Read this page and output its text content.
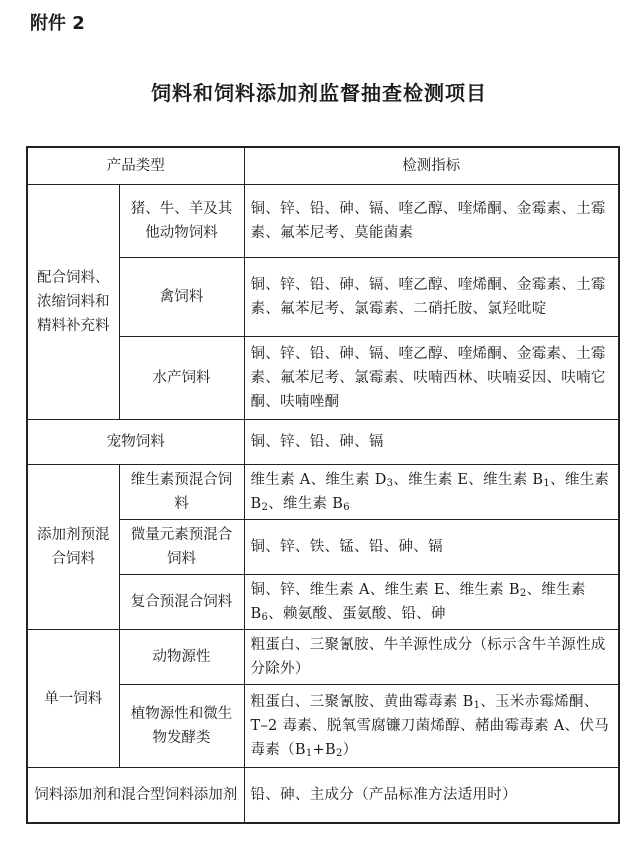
附件 2
饲料和饲料添加剂监督抽查检测项目
产品类型		检测指标
配合饲料、浓缩饲料和精料补充料	猪、牛、羊及其他动物饲料	铜、锌、铅、砷、镉、喹乙醇、喹烯酮、金霉素、土霉素、氟苯尼考、莫能菌素
	禽饲料	铜、锌、铅、砷、镉、喹乙醇、喹烯酮、金霉素、土霉素、氟苯尼考、氯霉素、二硝托胺、氯羟吡啶
	水产饲料	铜、锌、铅、砷、镉、喹乙醇、喹烯酮、金霉素、土霉素、氟苯尼考、氯霉素、呋喃西林、呋喃妥因、呋喃它酮、呋喃唑酮
宠物饲料		铜、锌、铅、砷、镉
添加剂预混合饲料	维生素预混合饲料	维生素 A、维生素 $D_3$、维生素 E、维生素 $B_1$、维生素 $B_2$、维生素 $B_6$
	微量元素预混合饲料	铜、锌、铁、锰、铅、砷、镉
	复合预混合饲料	铜、锌、维生素 A、维生素 E、维生素 $B_2$、维生素 $B_6$、赖氨酸、蛋氨酸、铅、砷
单一饲料	动物源性	粗蛋白、三聚氰胺、牛羊源性成分（标示含牛羊源性成分除外）
	植物源性和微生物发酵类	粗蛋白、三聚氰胺、黄曲霉毒素 $B_1$、玉米赤霉烯酮、T–2 毒素、脱氧雪腐镰刀菌烯醇、赭曲霉毒素 A、伏马毒素$(B_1+B_2)$
饲料添加剂和混合型饲料添加剂		铅、砷、主成分（产品标准方法适用时）
